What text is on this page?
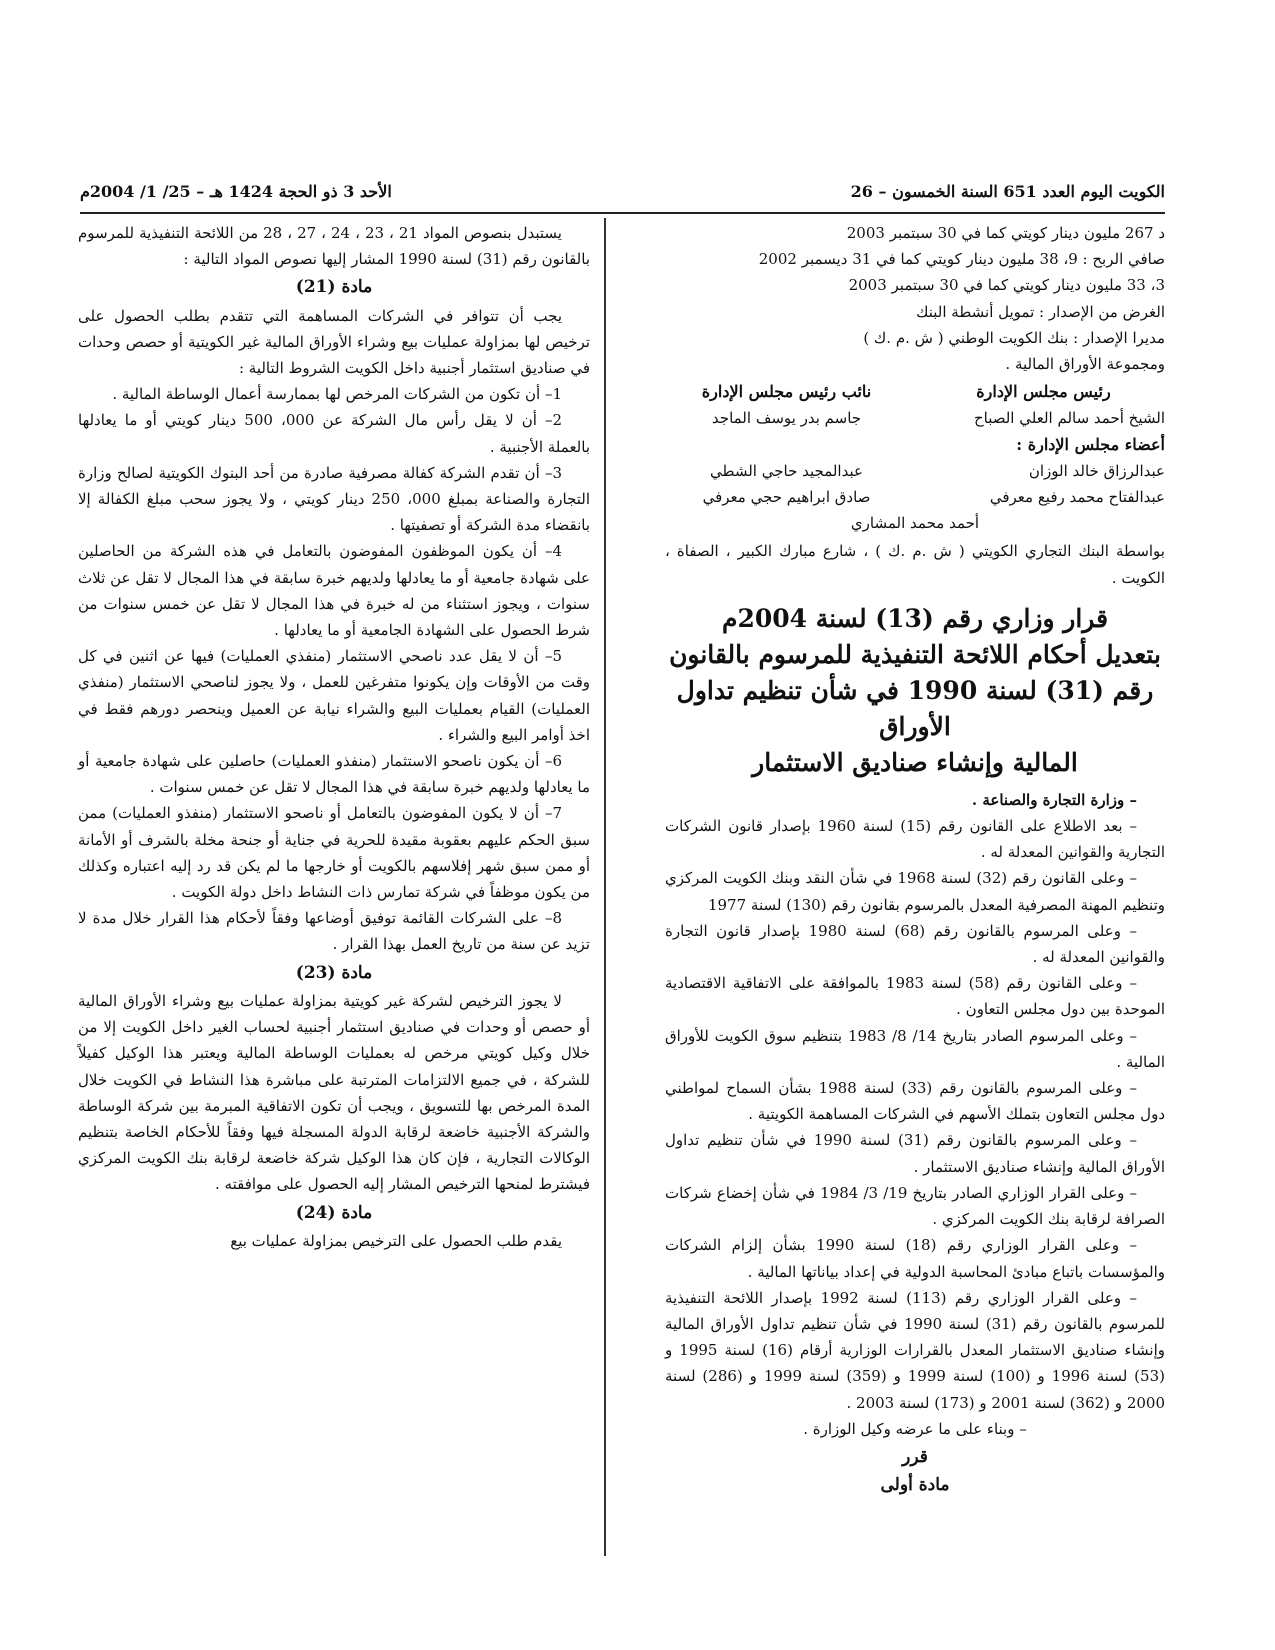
الكويت اليوم العدد 651 السنة الخمسون – 26
الأحد 3 ذو الحجة 1424 هـ – 25/ 1/ 2004م

د 267 مليون دينار كويتي كما في 30 سبتمبر 2003

صافي الربح : 9، 38 مليون دينار كويتي كما في 31 ديسمبر 2002

3، 33 مليون دينار كويتي كما في 30 سبتمبر 2003

الغرض من الإصدار : تمويل أنشطة البنك

مديرا الإصدار : بنك الكويت الوطني ( ش .م .ك )

ومجموعة الأوراق المالية .

رئيس مجلس الإدارة
نائب رئيس مجلس الإدارة
الشيخ أحمد سالم العلي الصباح
جاسم بدر يوسف الماجد
أعضاء مجلس الإدارة :
عبدالرزاق خالد الوزان
عبدالمجيد حاجي الشطي
عبدالفتاح محمد رفيع معرفي
صادق ابراهيم حجي معرفي
أحمد محمد المشاري

بواسطة البنك التجاري الكويتي ( ش .م .ك ) ، شارع مبارك الكبير ، الصفاة ، الكويت .

قرار وزاري رقم (13) لسنة 2004م
بتعديل أحكام اللائحة التنفيذية للمرسوم بالقانون
رقم (31) لسنة 1990 في شأن تنظيم تداول الأوراق
المالية وإنشاء صناديق الاستثمار

– وزارة التجارة والصناعة .

– بعد الاطلاع على القانون رقم (15) لسنة 1960 بإصدار قانون الشركات التجارية والقوانين المعدلة له .

– وعلى القانون رقم (32) لسنة 1968 في شأن النقد وبنك الكويت المركزي وتنظيم المهنة المصرفية المعدل بالمرسوم بقانون رقم (130) لسنة 1977

– وعلى المرسوم بالقانون رقم (68) لسنة 1980 بإصدار قانون التجارة والقوانين المعدلة له .

– وعلى القانون رقم (58) لسنة 1983 بالموافقة على الاتفاقية الاقتصادية الموحدة بين دول مجلس التعاون .

– وعلى المرسوم الصادر بتاريخ 14/ 8/ 1983 بتنظيم سوق الكويت للأوراق المالية .

– وعلى المرسوم بالقانون رقم (33) لسنة 1988 بشأن السماح لمواطني دول مجلس التعاون بتملك الأسهم في الشركات المساهمة الكويتية .

– وعلى المرسوم بالقانون رقم (31) لسنة 1990 في شأن تنظيم تداول الأوراق المالية وإنشاء صناديق الاستثمار .

– وعلى القرار الوزاري الصادر بتاريخ 19/ 3/ 1984 في شأن إخضاع شركات الصرافة لرقابة بنك الكويت المركزي .

– وعلى القرار الوزاري رقم (18) لسنة 1990 بشأن إلزام الشركات والمؤسسات باتباع مبادئ المحاسبة الدولية في إعداد بياناتها المالية .

– وعلى القرار الوزاري رقم (113) لسنة 1992 بإصدار اللائحة التنفيذية للمرسوم بالقانون رقم (31) لسنة 1990 في شأن تنظيم تداول الأوراق المالية وإنشاء صناديق الاستثمار المعدل بالقرارات الوزارية أرقام (16) لسنة 1995 و (53) لسنة 1996 و (100) لسنة 1999 و (359) لسنة 1999 و (286) لسنة 2000 و (362) لسنة 2001 و (173) لسنة 2003 .

– وبناء على ما عرضه وكيل الوزارة .

قرر

مادة أولى

يستبدل بنصوص المواد 21 ، 23 ، 24 ، 27 ، 28 من اللائحة التنفيذية للمرسوم بالقانون رقم (31) لسنة 1990 المشار إليها نصوص المواد التالية :

مادة (21)

يجب أن تتوافر في الشركات المساهمة التي تتقدم بطلب الحصول على ترخيص لها بمزاولة عمليات بيع وشراء الأوراق المالية غير الكويتية أو حصص وحدات في صناديق استثمار أجنبية داخل الكويت الشروط التالية :

1– أن تكون من الشركات المرخص لها بممارسة أعمال الوساطة المالية .

2– أن لا يقل رأس مال الشركة عن 000، 500 دينار كويتي أو ما يعادلها بالعملة الأجنبية .

3– أن تقدم الشركة كفالة مصرفية صادرة من أحد البنوك الكويتية لصالح وزارة التجارة والصناعة بمبلغ 000، 250 دينار كويتي ، ولا يجوز سحب مبلغ الكفالة إلا بانقضاء مدة الشركة أو تصفيتها .

4– أن يكون الموظفون المفوضون بالتعامل في هذه الشركة من الحاصلين على شهادة جامعية أو ما يعادلها ولديهم خبرة سابقة في هذا المجال لا تقل عن ثلاث سنوات ، ويجوز استثناء من له خبرة في هذا المجال لا تقل عن خمس سنوات من شرط الحصول على الشهادة الجامعية أو ما يعادلها .

5– أن لا يقل عدد ناصحي الاستثمار (منفذي العمليات) فيها عن اثنين في كل وقت من الأوقات وإن يكونوا متفرغين للعمل ، ولا يجوز لناصحي الاستثمار (منفذي العمليات) القيام بعمليات البيع والشراء نيابة عن العميل وينحصر دورهم فقط في اخذ أوامر البيع والشراء .

6– أن يكون ناصحو الاستثمار (منفذو العمليات) حاصلين على شهادة جامعية أو ما يعادلها ولديهم خبرة سابقة في هذا المجال لا تقل عن خمس سنوات .

7– أن لا يكون المفوضون بالتعامل أو ناصحو الاستثمار (منفذو العمليات) ممن سبق الحكم عليهم بعقوبة مقيدة للحرية في جناية أو جنحة مخلة بالشرف أو الأمانة أو ممن سبق شهر إفلاسهم بالكويت أو خارجها ما لم يكن قد رد إليه اعتباره وكذلك من يكون موظفاً في شركة تمارس ذات النشاط داخل دولة الكويت .

8– على الشركات القائمة توفيق أوضاعها وفقاً لأحكام هذا القرار خلال مدة لا تزيد عن سنة من تاريخ العمل بهذا القرار .

مادة (23)

لا يجوز الترخيص لشركة غير كويتية بمزاولة عمليات بيع وشراء الأوراق المالية أو حصص أو وحدات في صناديق استثمار أجنبية لحساب الغير داخل الكويت إلا من خلال وكيل كويتي مرخص له بعمليات الوساطة المالية ويعتبر هذا الوكيل كفيلاً للشركة ، في جميع الالتزامات المترتبة على مباشرة هذا النشاط في الكويت خلال المدة المرخص بها للتسويق ، ويجب أن تكون الاتفاقية المبرمة بين شركة الوساطة والشركة الأجنبية خاضعة لرقابة الدولة المسجلة فيها وفقاً للأحكام الخاصة بتنظيم الوكالات التجارية ، فإن كان هذا الوكيل شركة خاضعة لرقابة بنك الكويت المركزي فيشترط لمنحها الترخيص المشار إليه الحصول على موافقته .

مادة (24)

يقدم طلب الحصول على الترخيص بمزاولة عمليات بيع
